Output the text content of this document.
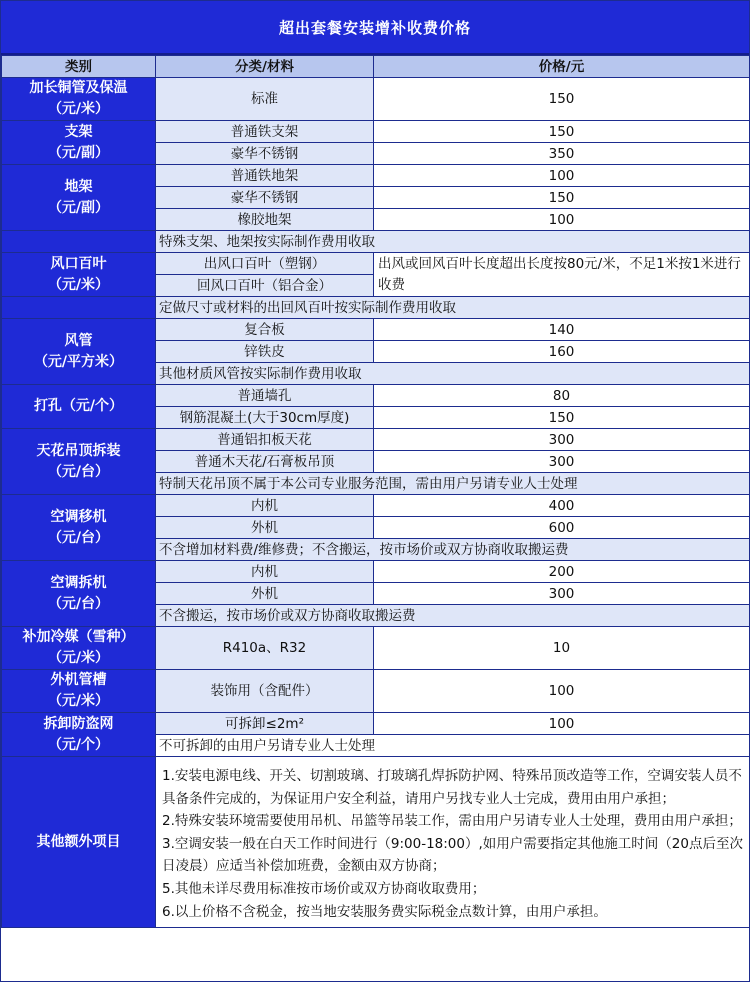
超出套餐安装增补收费价格
类别	分类/材料	价格/元

加长铜管及保温
（元/米）	标准	150

支架
（元/副）	普通铁支架	150
	豪华不锈钢	350

地架
（元/副）	普通铁地架	100
	豪华不锈钢	150
	橡胶地架	100
	特殊支架、地架按实际制作费用收取	

风口百叶
（元/米）	出风口百叶（塑钢）	出风或回风百叶长度超出长度按80元/米，不足1米按1米进行收费
	回风口百叶（铝合金）	
	定做尺寸或材料的出回风百叶按实际制作费用收取	

风管
（元/平方米）	复合板	140
	锌铁皮	160
	其他材质风管按实际制作费用收取	
打孔（元/个）	普通墙孔	80
	钢筋混凝土(大于30cm厚度)	150

天花吊顶拆装
（元/台）	普通铝扣板天花	300
	普通木天花/石膏板吊顶	300
	特制天花吊顶不属于本公司专业服务范围，需由用户另请专业人士处理	

空调移机
（元/台）	内机	400
	外机	600
	不含增加材料费/维修费；不含搬运，按市场价或双方协商收取搬运费	

空调拆机
（元/台）	内机	200
	外机	300
	不含搬运，按市场价或双方协商收取搬运费	

补加冷媒（雪种）
（元/米）	R410a、R32	10

外机管槽
（元/米）	装饰用（含配件）	100

拆卸防盗网
（元/个）	可拆卸≤2m²	100
	不可拆卸的由用户另请专业人士处理	
其他额外项目	1.安装电源电线、开关、切割玻璃、打玻璃孔焊拆防护网、特殊吊顶改造等工作，空调安装人员不具备条件完成的，为保证用户安全利益，请用户另找专业人士完成，费用由用户承担；

2.特殊安装环境需要使用吊机、吊篮等吊装工作，需由用户另请专业人士处理，费用由用户承担；

3.空调安装一般在白天工作时间进行（9:00-18:00）,如用户需要指定其他施工时间（20点后至次日凌晨）应适当补偿加班费，金额由双方协商；

5.其他未详尽费用标准按市场价或双方协商收取费用；

6.以上价格不含税金，按当地安装服务费实际税金点数计算，由用户承担。	
